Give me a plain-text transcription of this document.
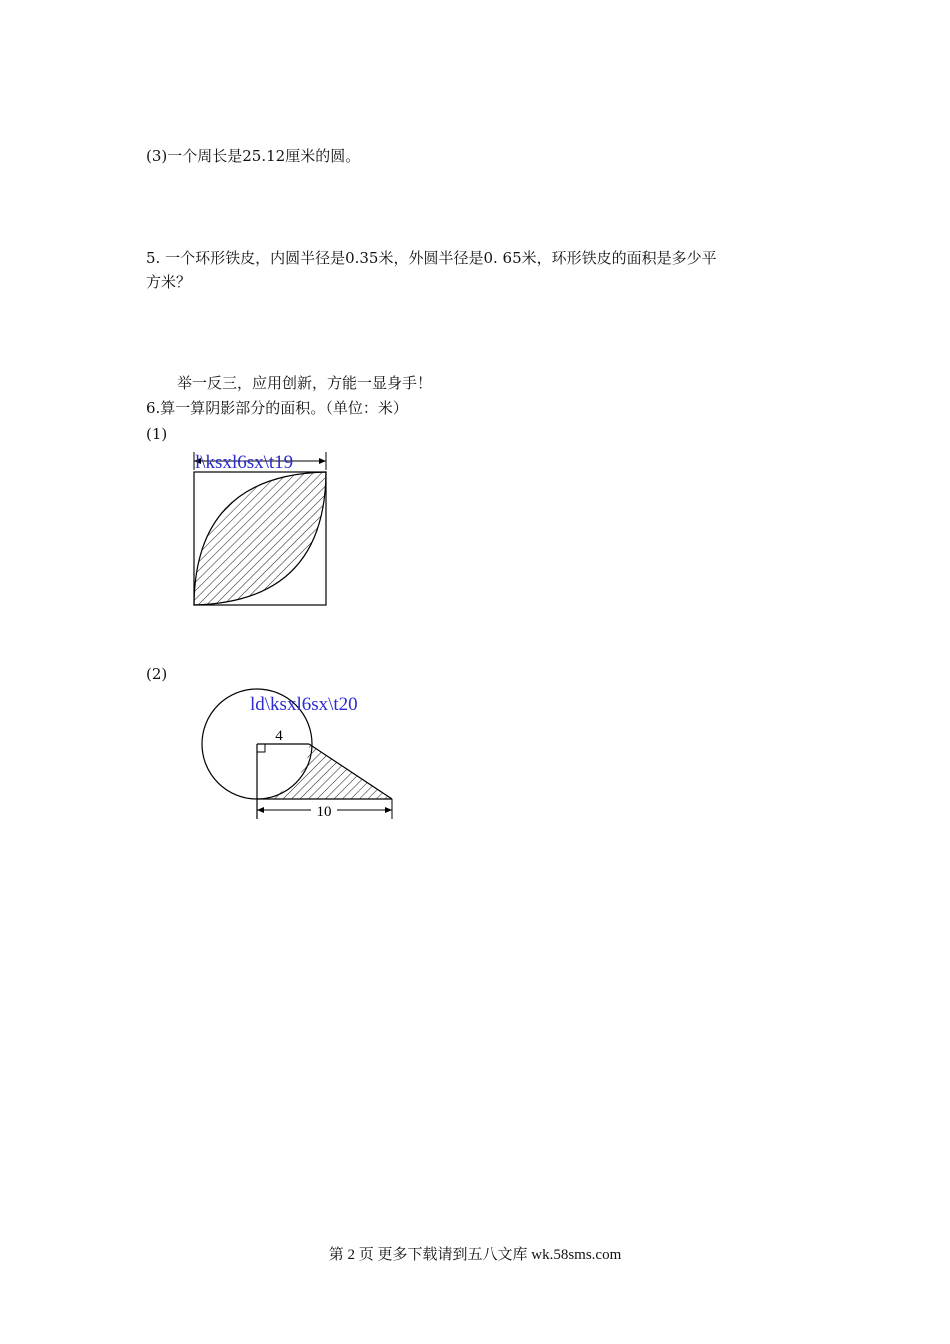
(3)一个周长是25.12厘米的圆。
5. 一个环形铁皮，内圆半径是0.35米，外圆半径是0. 65米，环形铁皮的面积是多少平
方米？
举一反三，应用创新，方能一显身手！
6.算一算阴影部分的面积。（单位：米）
(1)
l\ksxl6sx\t19
(2)
10
4
ld\ksxl6sx\t20
第 2 页 更多下载请到五八文库 wk.58sms.com
